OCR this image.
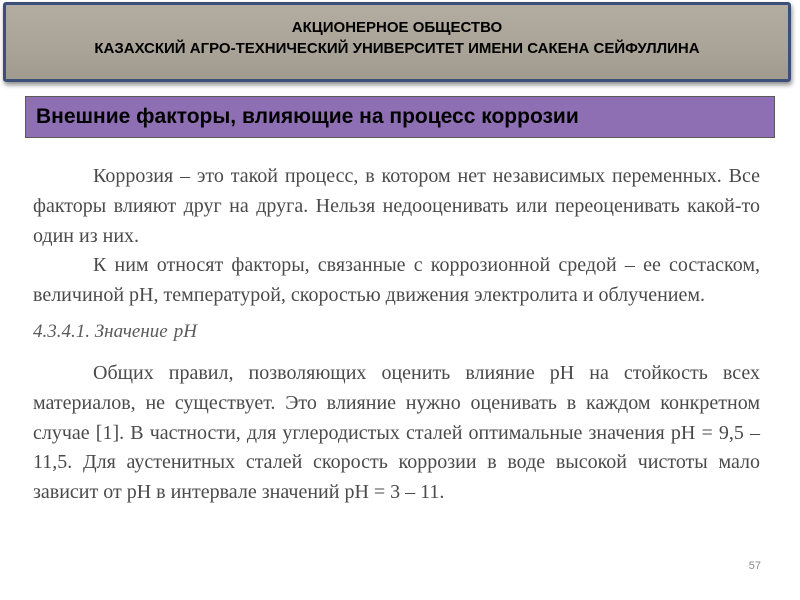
АКЦИОНЕРНОЕ ОБЩЕСТВО
КАЗАХСКИЙ АГРО-ТЕХНИЧЕСКИЙ УНИВЕРСИТЕТ ИМЕНИ САКЕНА СЕЙФУЛЛИНА
Внешние факторы, влияющие на процесс коррозии

Коррозия – это такой процесс, в котором нет независимых переменных. Все факторы влияют друг на друга. Нельзя недооценивать или переоценивать какой-то один из них.

К ним относят факторы, связанные с коррозионной средой – ее состаском, величиной pH, температурой, скоростью движения электролита и облучением.

4.3.4.1. Значение pH

Общих правил, позволяющих оценить влияние pH на стойкость всех материалов, не существует. Это влияние нужно оценивать в каждом конкретном случае [1]. В частности, для углеродистых сталей оптимальные значения pH = 9,5 – 11,5. Для аустенитных сталей скорость коррозии в воде высокой чистоты мало зависит от pH в интервале значений pH = 3 – 11.

57
